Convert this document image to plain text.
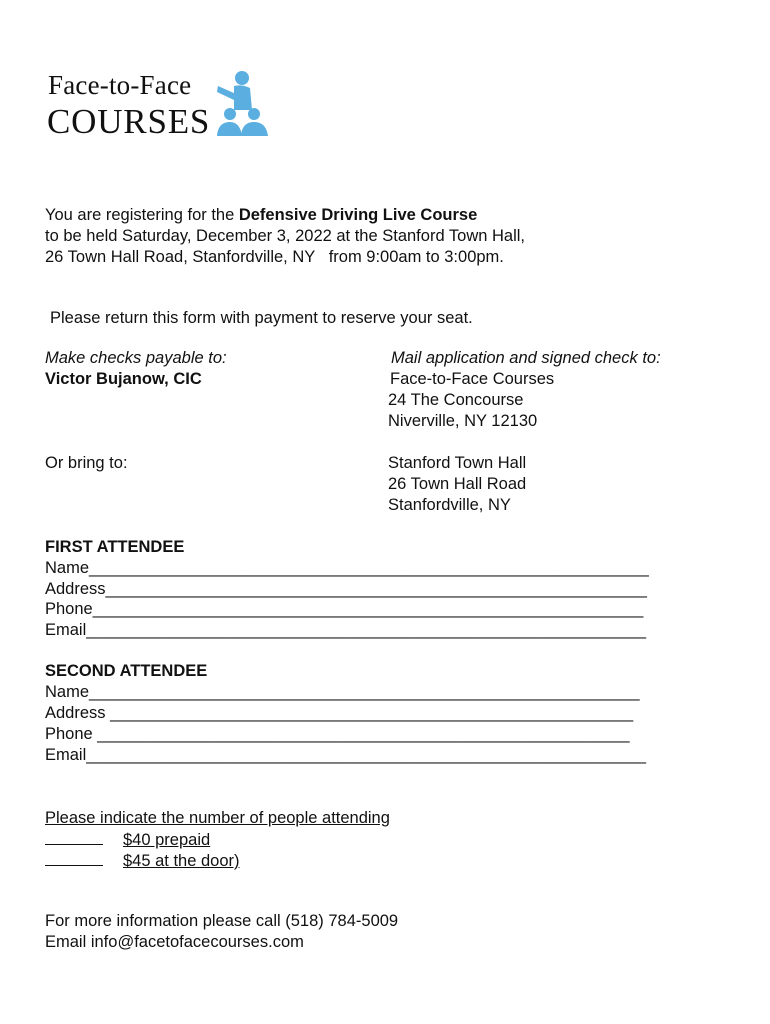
Face-to-Face
COURSES
You are registering for the Defensive Driving Live Course
to be held Saturday, December 3, 2022 at the Stanford Town Hall,
26 Town Hall Road, Stanfordville, NY   from 9:00am to 3:00pm.
Please return this form with payment to reserve your seat.
Make checks payable to:
Victor Bujanow, CIC
Mail application and signed check to:
Face-to-Face Courses
24 The Concourse
Niverville, NY 12130
Or bring to:	Stanford Town Hall
26 Town Hall Road
Stanfordville, NY
FIRST ATTENDEE
Name_____________________________________________________________
Address___________________________________________________________
Phone____________________________________________________________
Email_____________________________________________________________
SECOND ATTENDEE
Name____________________________________________________________
Address _________________________________________________________
Phone __________________________________________________________
Email_____________________________________________________________
Please indicate the number of people attending
$40 prepaid
$45 at the door)
For more information please call (518) 784-5009
Email info@facetofacecourses.com
